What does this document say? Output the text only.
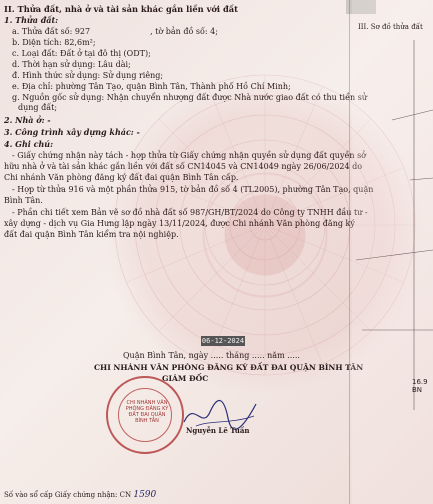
II. Thửa đất, nhà ở và tài sản khác gắn liền với đất
1. Thửa đất:
a. Thửa đất số: 927	, tờ bản đồ số: 4;
b. Diện tích: 82,6m²;
c. Loại đất: Đất ở tại đô thị (ODT);
d. Thời hạn sử dụng: Lâu dài;
đ. Hình thức sử dụng: Sử dụng riêng;
e. Địa chỉ: phường Tân Tạo, quận Bình Tân, Thành phố Hồ Chí Minh;
g. Nguồn gốc sử dụng: Nhận chuyển nhượng đất được Nhà nước giao đất có thu tiền sử
dụng đất;
2. Nhà ở: -
3. Công trình xây dựng khác: -
4. Ghi chú:
- Giấy chứng nhận này tách - hợp thửa từ Giấy chứng nhận quyền sử dụng đất quyền sở
hữu nhà ở và tài sản khác gắn liền với đất số CN14045 và CN14049 ngày 26/06/2024 do
Chi nhánh Văn phòng đăng ký đất đai quận Bình Tân cấp.
- Hợp từ thửa 916 và một phần thửa 915, tờ bản đồ số 4 (TL2005), phường Tân Tạo, quận
Bình Tân.
- Phần chi tiết xem Bản vẽ sơ đồ nhà đất số 987/GH/BT/2024 do Công ty TNHH đầu tư -
xây dựng - dịch vụ Gia Hưng lập ngày 13/11/2024, được Chi nhánh Văn phòng đăng ký
đất đai quận Bình Tân kiểm tra nội nghiệp.
06-12-2024
Quận Bình Tân, ngày ..... tháng ..... năm .....
CHI NHÁNH VĂN PHÒNG ĐĂNG KÝ ĐẤT ĐAI QUẬN BÌNH TÂN
GIÁM ĐỐC
CHI NHÁNH VĂN PHÒNG ĐĂNG KÝ ĐẤT ĐAI QUẬN BÌNH TÂN
Nguyễn Lê Tuấn
Số vào sổ cấp Giấy chứng nhận: CN 1590
III. Sơ đồ thửa đất
16.9
BN
